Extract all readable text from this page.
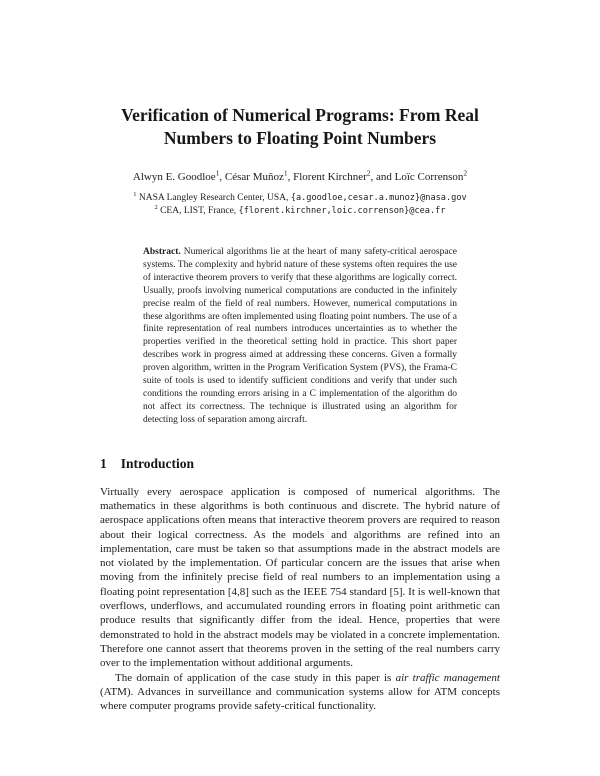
Verification of Numerical Programs: From Real
Numbers to Floating Point Numbers
Alwyn E. Goodloe$^1$, César Muñoz$^1$, Florent Kirchner$^2$, and Loïc Correnson$^2$
$^1$ NASA Langley Research Center, USA, {a.goodloe,cesar.a.munoz}@nasa.gov
$^2$ CEA, LIST, France, {florent.kirchner,loic.correnson}@cea.fr
Abstract. Numerical algorithms lie at the heart of many safety-critical aerospace systems. The complexity and hybrid nature of these systems often requires the use of interactive theorem provers to verify that these algorithms are logically correct. Usually, proofs involving numerical computations are conducted in the infinitely precise realm of the field of real numbers. However, numerical computations in these algorithms are often implemented using floating point numbers. The use of a finite representation of real numbers introduces uncertainties as to whether the properties verified in the theoretical setting hold in practice. This short paper describes work in progress aimed at addressing these concerns. Given a formally proven algorithm, written in the Program Verification System (PVS), the Frama-C suite of tools is used to identify sufficient conditions and verify that under such conditions the rounding errors arising in a C implementation of the algorithm do not affect its correctness. The technique is illustrated using an algorithm for detecting loss of separation among aircraft.
1 Introduction

Virtually every aerospace application is composed of numerical algorithms. The mathematics in these algorithms is both continuous and discrete. The hybrid nature of aerospace applications often means that interactive theorem provers are required to reason about their logical correctness. As the models and algorithms are refined into an implementation, care must be taken so that assumptions made in the abstract models are not violated by the implementation. Of particular concern are the issues that arise when moving from the infinitely precise field of real numbers to an implementation using a floating point representation [4,8] such as the IEEE 754 standard [5]. It is well-known that overflows, underflows, and accumulated rounding errors in floating point arithmetic can produce results that significantly differ from the ideal. Hence, properties that were demonstrated to hold in the abstract models may be violated in a concrete implementation. Therefore one cannot assert that theorems proven in the setting of the real numbers carry over to the implementation without additional arguments.

The domain of application of the case study in this paper is air traffic management (ATM). Advances in surveillance and communication systems allow for ATM concepts where computer programs provide safety-critical functionality.
